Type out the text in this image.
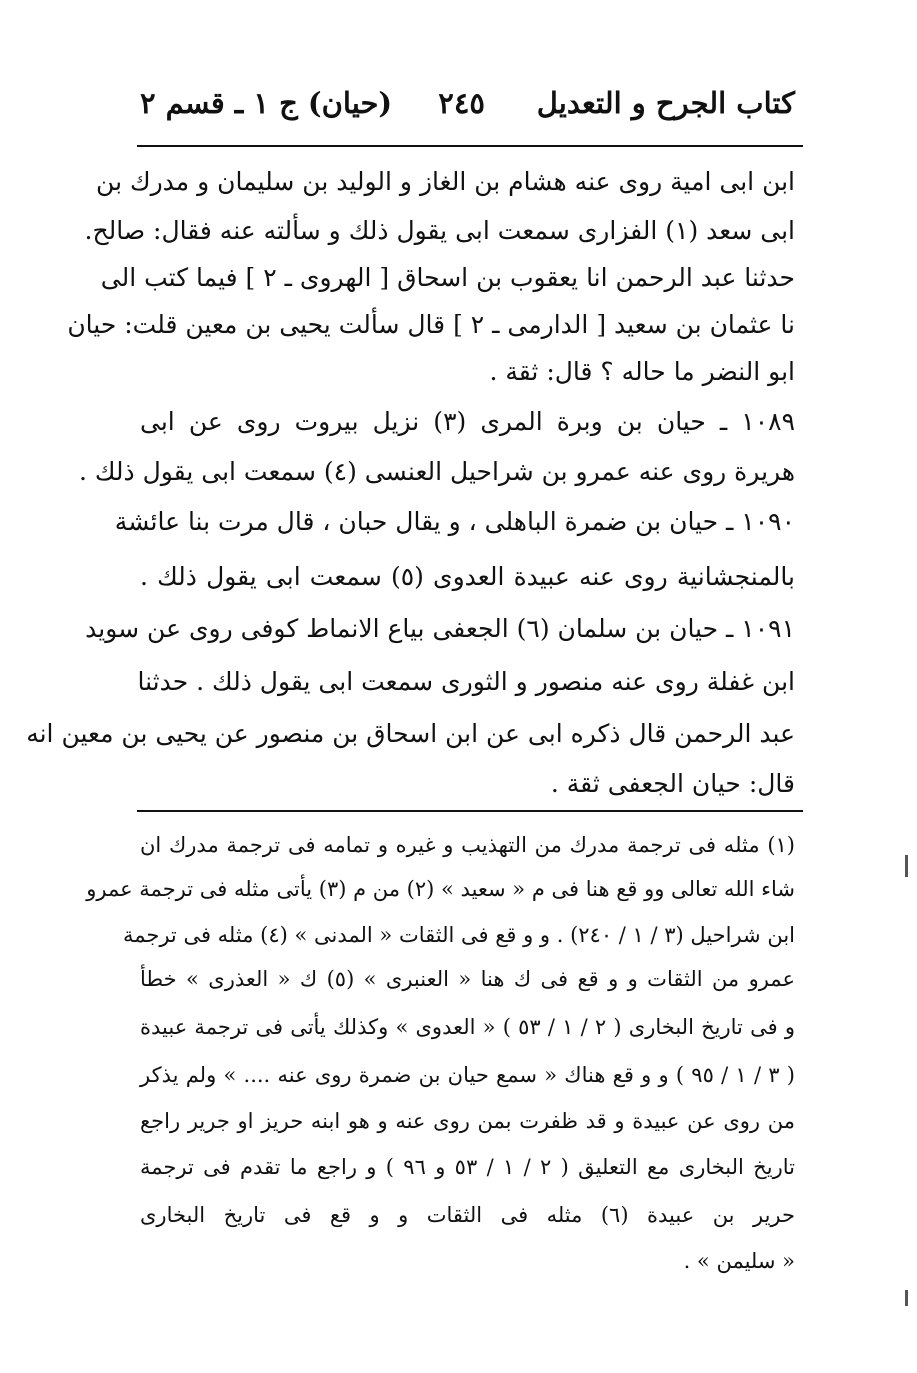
كتاب الجرح و التعديل
٢٤٥
(حيان) ج ١ ـ قسم ٢
ابن ابى امية روى عنه هشام بن الغاز و الوليد بن سليمان و مدرك بن
ابى سعد (١) الفزارى سمعت ابى يقول ذلك و سألته عنه فقال: صالح.
حدثنا عبد الرحمن انا يعقوب بن اسحاق [ الهروى ـ ٢ ] فيما كتب الى
نا عثمان بن سعيد [ الدارمى ـ ٢ ] قال سألت يحيى بن معين قلت: حيان
ابو النضر ما حاله ؟ قال: ثقة .
١٠٨٩ ـ حيان بن وبرة المرى (٣) نزيل بيروت روى عن ابى
هريرة روى عنه عمرو بن شراحيل العنسى (٤) سمعت ابى يقول ذلك .
١٠٩٠ ـ حيان بن ضمرة الباهلى ، و يقال حبان ، قال مرت بنا عائشة
بالمنجشانية روى عنه عبيدة العدوى (٥) سمعت ابى يقول ذلك .
١٠٩١ ـ حيان بن سلمان (٦) الجعفى بياع الانماط كوفى روى عن سويد
ابن غفلة روى عنه منصور و الثورى سمعت ابى يقول ذلك . حدثنا
عبد الرحمن قال ذكره ابى عن ابن اسحاق بن منصور عن يحيى بن معين انه
قال: حيان الجعفى ثقة .
(١) مثله فى ترجمة مدرك من التهذيب و غيره و تمامه فى ترجمة مدرك ان
شاء الله تعالى وو قع هنا فى م « سعيد » (٢) من م (٣) يأتى مثله فى ترجمة عمرو
ابن شراحيل (٣ / ١ / ٢٤٠) . و و قع فى الثقات « المدنى » (٤) مثله فى ترجمة
عمرو من الثقات و و قع فى ك هنا « العنبرى » (٥) ك « العذرى » خطأ
و فى تاريخ البخارى ( ٢ / ١ / ٥٣ ) « العدوى » وكذلك يأتى فى ترجمة عبيدة
( ٣ / ١ / ٩٥ ) و و قع هناك « سمع حيان بن ضمرة روى عنه .... » ولم يذكر
من روى عن عبيدة و قد ظفرت بمن روى عنه و هو ابنه حريز او جرير راجع
تاريخ البخارى مع التعليق ( ٢ / ١ / ٥٣ و ٩٦ ) و راجع ما تقدم فى ترجمة
حرير بن عبيدة (٦) مثله فى الثقات و و قع فى تاريخ البخارى
« سليمن » .
